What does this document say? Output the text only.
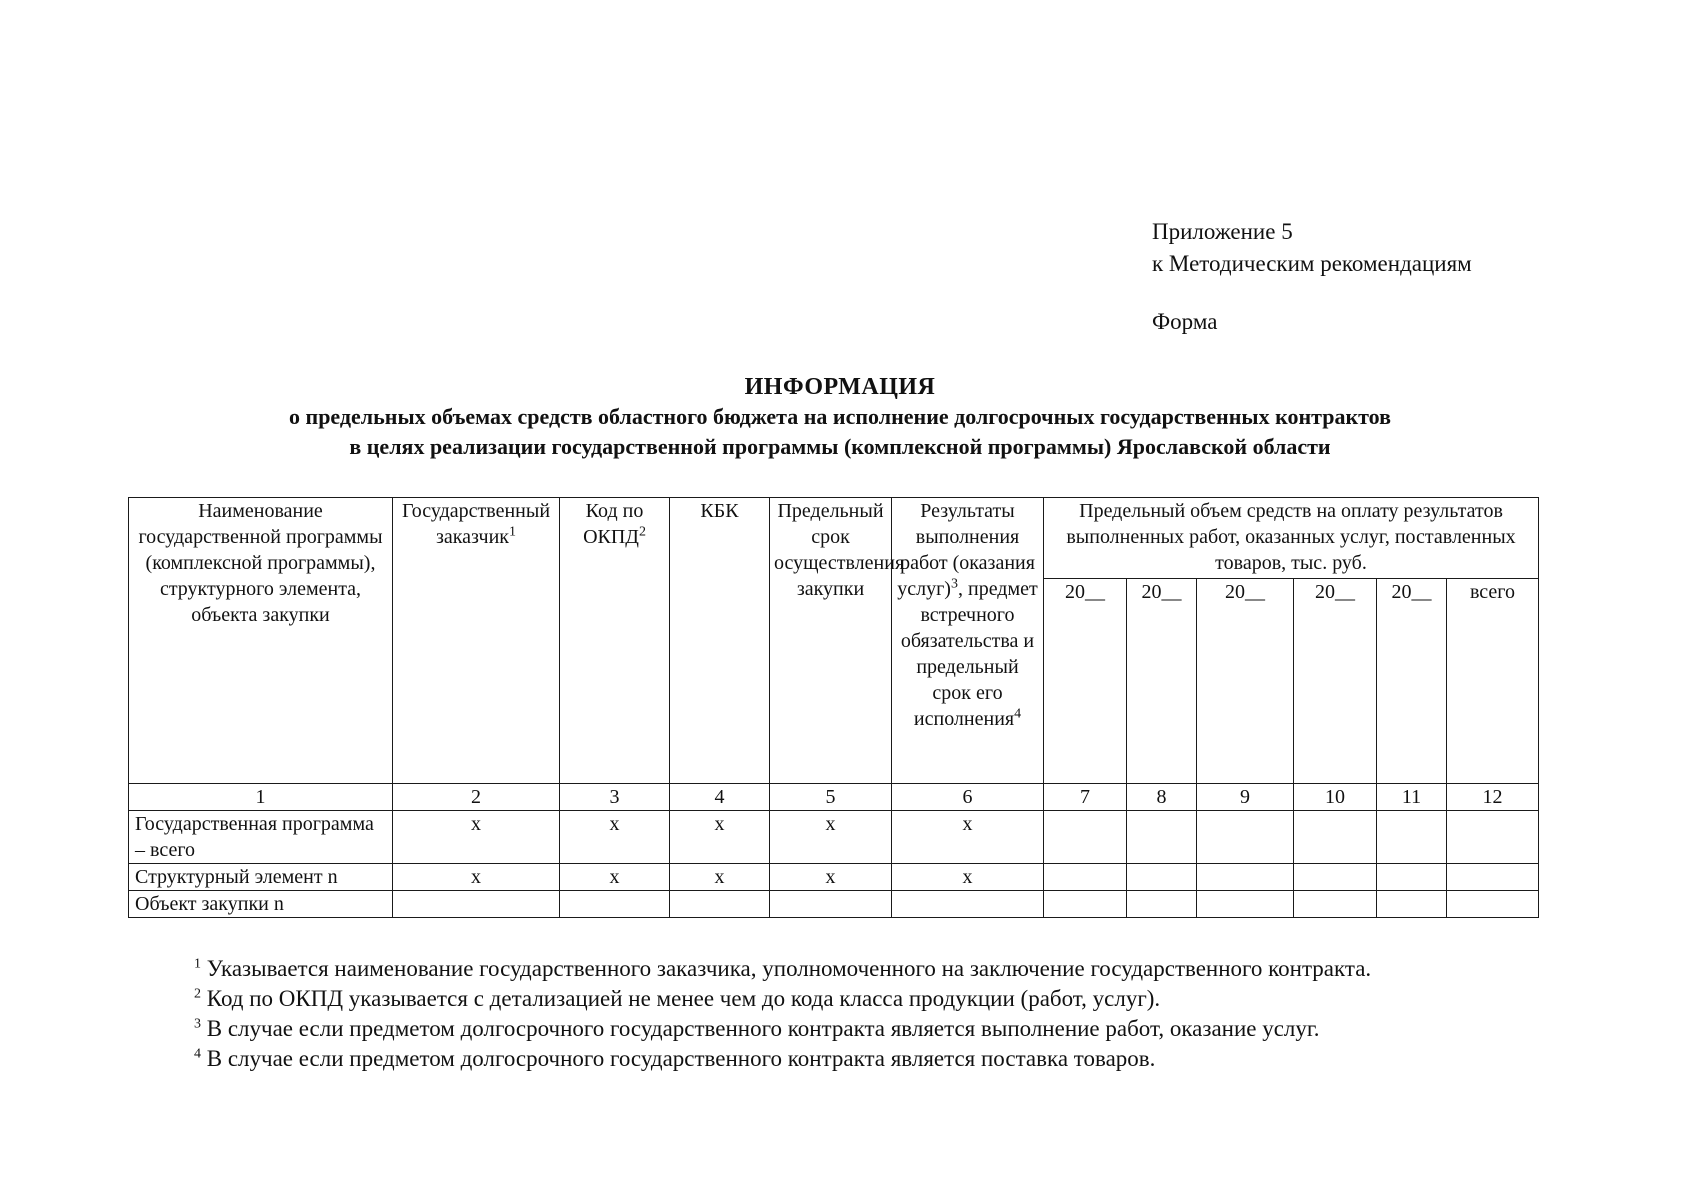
Приложение 5
к Методическим рекомендациям
Форма
ИНФОРМАЦИЯ
о предельных объемах средств областного бюджета на исполнение долгосрочных государственных контрактов
в целях реализации государственной программы (комплексной программы) Ярославской области
Наименование государственной программы (комплексной программы), структурного элемента, объекта закупки	Государственный заказчик$^1$	Код по ОКПД$^2$	КБК	Предельный срок осуществления закупки	Результаты выполнения работ (оказания услуг)$^3$, предмет встречного обязательства и предельный срок его исполнения$^4$	Предельный объем средств на оплату результатов выполненных работ, оказанных услуг, поставленных товаров, тыс. руб.					
						20__	20__	20__	20__	20__	всего
1	2	3	4	5	6	7	8	9	10	11	12
Государственная программа – всего	х	х	х	х	х						
Структурный элемент n	х	х	х	х	х						
Объект закупки n											

$^1$ Указывается наименование государственного заказчика, уполномоченного на заключение государственного контракта.

$^2$ Код по ОКПД указывается с детализацией не менее чем до кода класса продукции (работ, услуг).

$^3$ В случае если предметом долгосрочного государственного контракта является выполнение работ, оказание услуг.

$^4$ В случае если предметом долгосрочного государственного контракта является поставка товаров.
